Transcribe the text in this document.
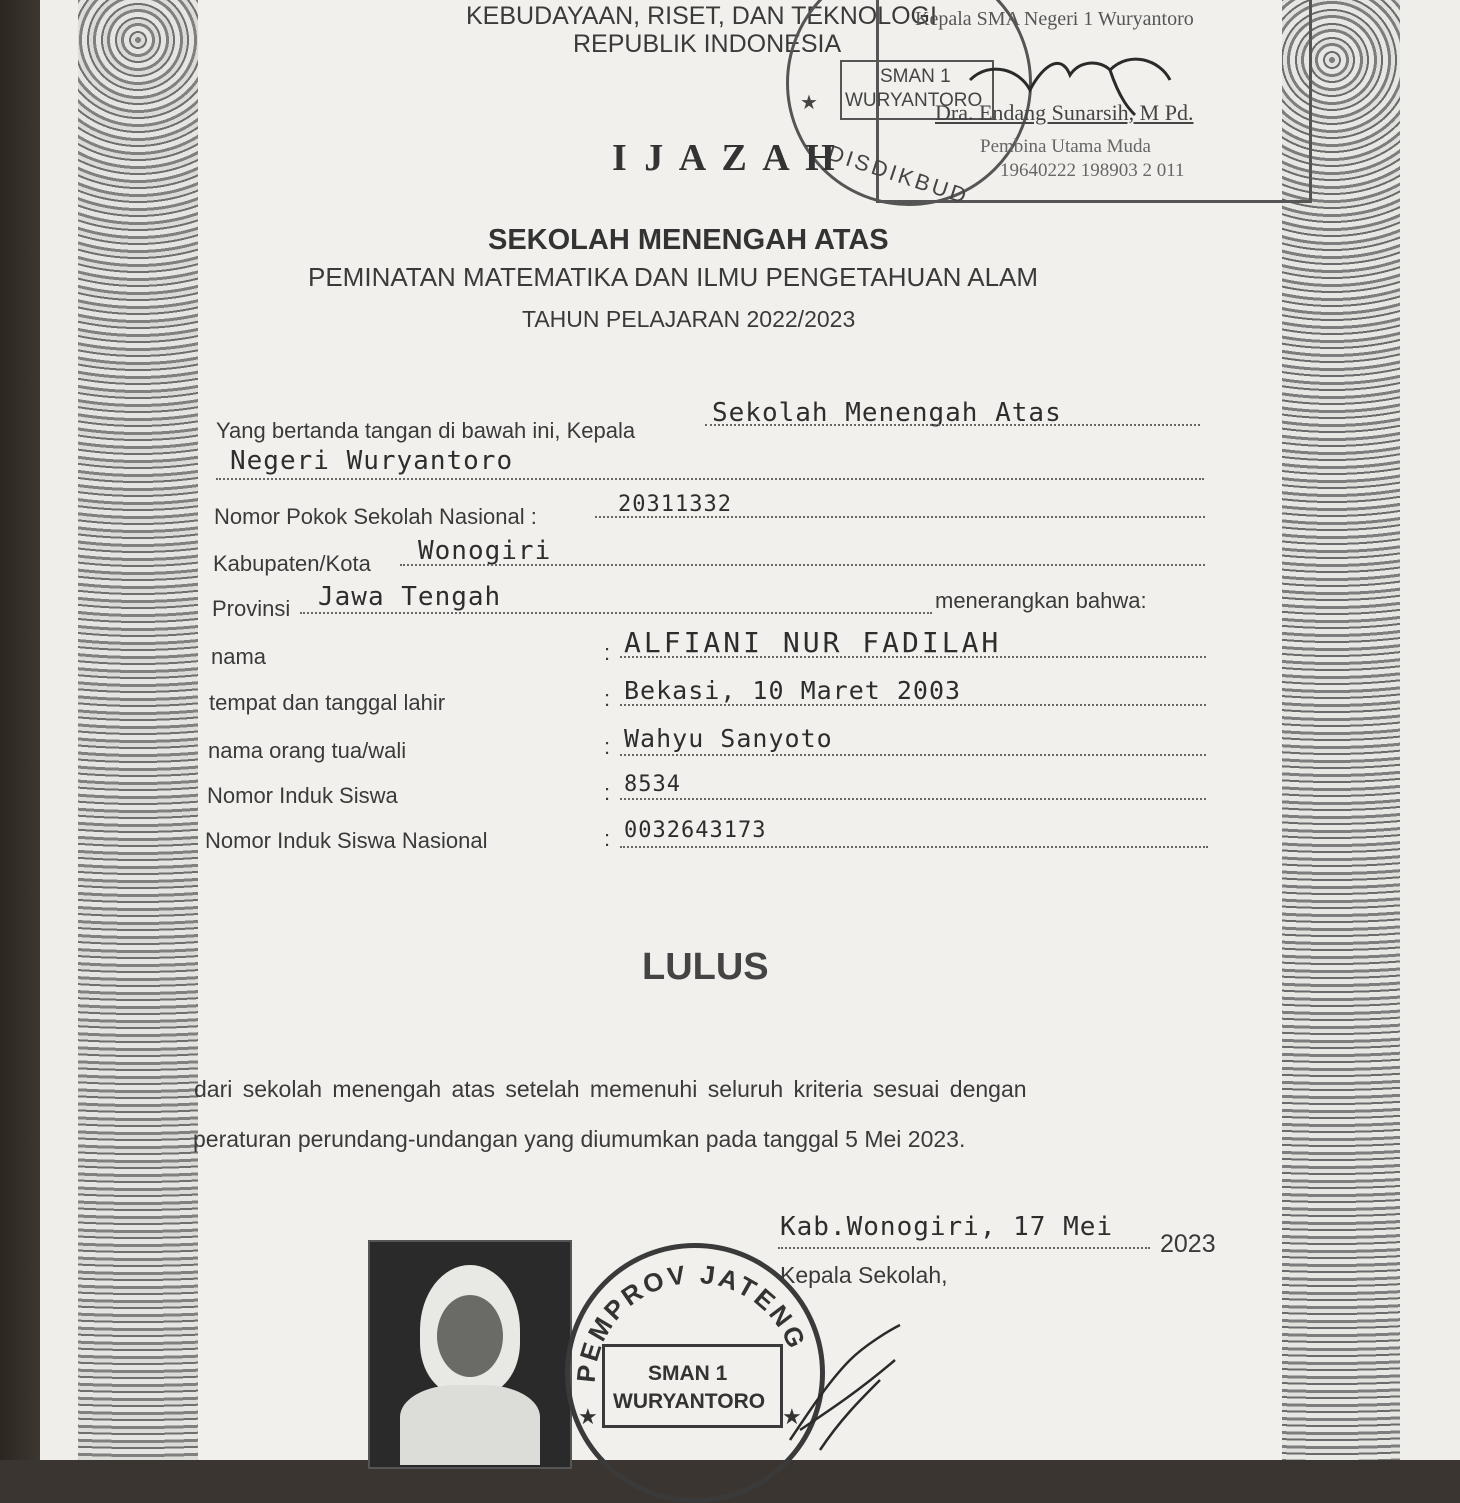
KEBUDAYAAN, RISET, DAN TEKNOLOGI
REPUBLIK INDONESIA
SMAN 1
WURYANTORO
DISDIKBUD
★
Kepala SMA Negeri 1 Wuryantoro
Dra. Endang Sunarsih, M Pd.
Pembina Utama Muda
19640222 198903 2 011
I J A Z A H
SEKOLAH MENENGAH ATAS
PEMINATAN MATEMATIKA DAN ILMU PENGETAHUAN ALAM
TAHUN PELAJARAN 2022/2023
Yang bertanda tangan di bawah ini, Kepala
Sekolah Menengah Atas
Negeri Wuryantoro
Nomor Pokok Sekolah Nasional :	20311332
Kabupaten/Kota Wonogiri
Provinsi Jawa Tengah	menerangkan bahwa:
nama	: ALFIANI NUR FADILAH
tempat dan tanggal lahir	: Bekasi, 10 Maret 2003
nama orang tua/wali	: Wahyu Sanyoto
Nomor Induk Siswa	: 8534
Nomor Induk Siswa Nasional	: 0032643173
LULUS
dari sekolah menengah atas setelah memenuhi seluruh kriteria sesuai dengan
peraturan perundang-undangan yang diumumkan pada tanggal 5 Mei 2023.
Kab.Wonogiri, 17 Mei
2023
Kepala Sekolah,
PEMPROV JATENG
SMAN 1
WURYANTORO
★	★
